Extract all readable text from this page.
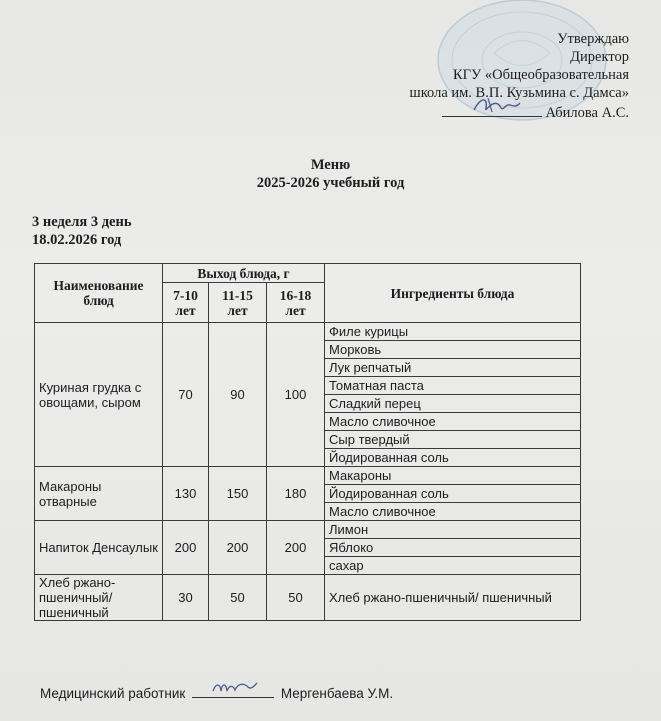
Утверждаю
Директор
КГУ «Общеобразовательная
школа им. В.П. Кузьмина с. Дамса»
Абилова А.С.
Меню
2025-2026 учебный год
3 неделя 3 день
18.02.2026 год
Наименование блюд	Выход блюда, г			Ингредиенты блюда
	7-10 лет	11-15 лет	16-18 лет	
Куриная грудка с овощами, сыром	70	90	100	Филе курицы
				Морковь
				Лук репчатый
				Томатная паста
				Сладкий перец
				Масло сливочное
				Сыр твердый
				Йодированная соль
Макароны отварные	130	150	180	Макароны
				Йодированная соль
				Масло сливочное
Напиток Денсаулык	200	200	200	Лимон
				Яблоко
				сахар
Хлеб ржано-пшеничный/ пшеничный	30	50	50	Хлеб ржано-пшеничный/ пшеничный
Медицинский работник	Мергенбаева У.М.
